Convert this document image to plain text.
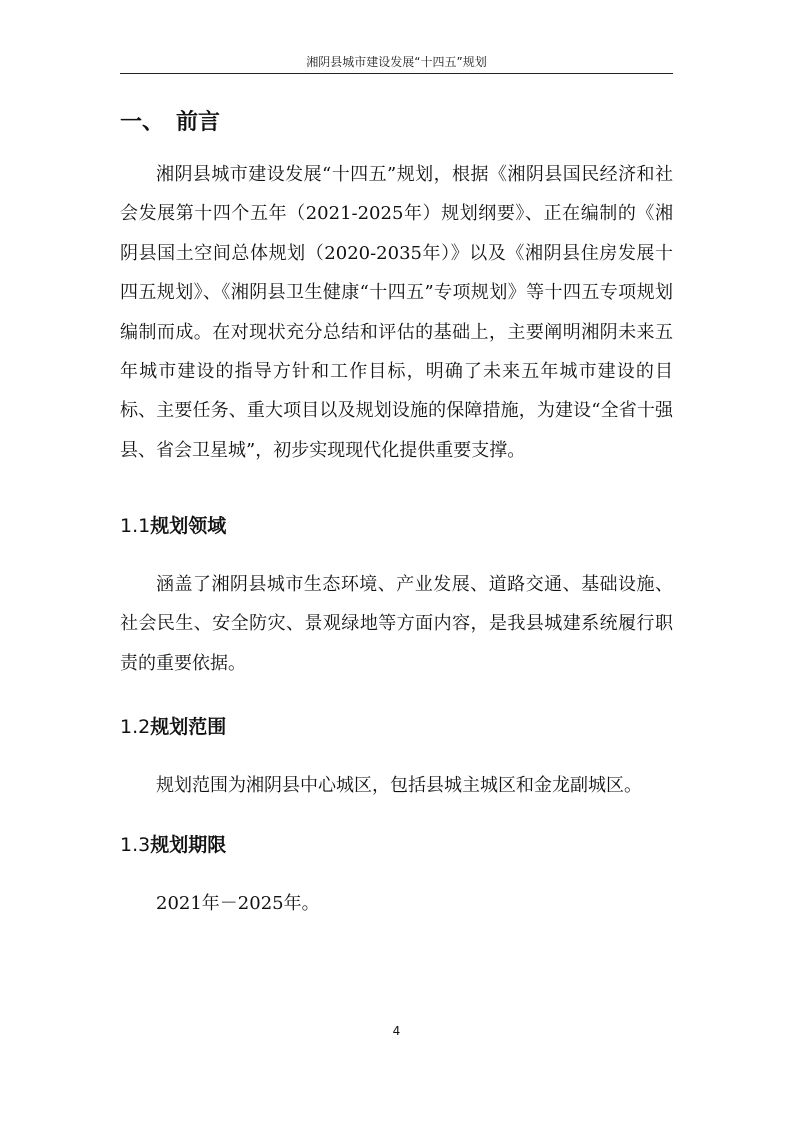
湘阴县城市建设发展“十四五”规划
一、 前言

湘阴县城市建设发展“十四五”规划，根据《湘阴县国民经济和社会发展第十四个五年（2021-2025年）规划纲要》、正在编制的《湘阴县国土空间总体规划（2020-2035年）》以及《湘阴县住房发展十四五规划》、《湘阴县卫生健康“十四五”专项规划》等十四五专项规划编制而成。在对现状充分总结和评估的基础上，主要阐明湘阴未来五年城市建设的指导方针和工作目标，明确了未来五年城市建设的目标、主要任务、重大项目以及规划设施的保障措施，为建设“全省十强县、省会卫星城”，初步实现现代化提供重要支撑。

1.1规划领域

涵盖了湘阴县城市生态环境、产业发展、道路交通、基础设施、社会民生、安全防灾、景观绿地等方面内容，是我县城建系统履行职责的重要依据。

1.2规划范围

规划范围为湘阴县中心城区，包括县城主城区和金龙副城区。

1.3规划期限

2021年－2025年。

4
